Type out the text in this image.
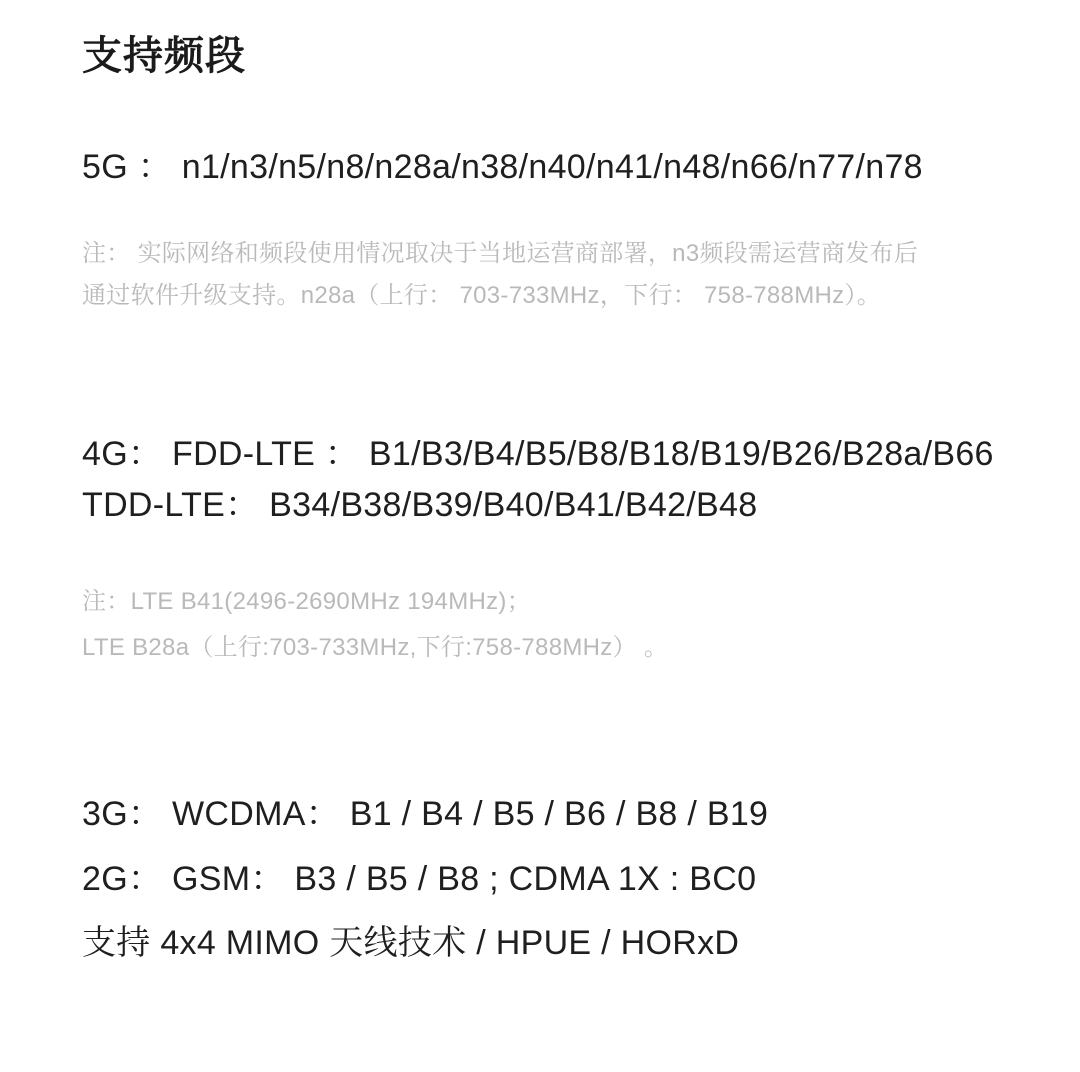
支持频段
5G ： n1/n3/n5/n8/n28a/n38/n40/n41/n48/n66/n77/n78
注： 实际网络和频段使用情况取决于当地运营商部署，n3频段需运营商发布后
通过软件升级支持。n28a（上行： 703-733MHz，下行： 758-788MHz）。
4G： FDD-LTE ： B1/B3/B4/B5/B8/B18/B19/B26/B28a/B66
TDD-LTE： B34/B38/B39/B40/B41/B42/B48
注：LTE B41(2496-2690MHz 194MHz)；
LTE B28a（上行:703-733MHz,下行:758-788MHz） 。
3G： WCDMA： B1 / B4 / B5 / B6 / B8 / B19
2G： GSM： B3 / B5 / B8 ; CDMA 1X : BC0
支持 4x4 MIMO 天线技术 / HPUE / HORxD
